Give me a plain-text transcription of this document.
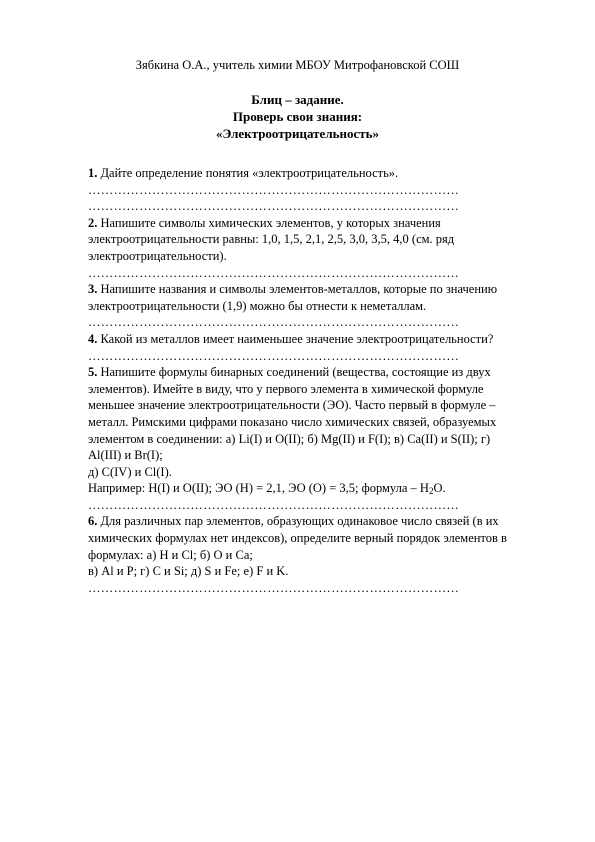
Зябкина О.А., учитель химии МБОУ Митрофановской СОШ
Блиц – задание.
Проверь свои знания:
«Электроотрицательность»

1. Дайте определение понятия «электроотрицательность».

……………………………………………………………………………
……………………………………………………………………………

2. Напишите символы химических элементов, у которых значения электроотрицательности равны: 1,0, 1,5, 2,1, 2,5, 3,0, 3,5, 4,0 (см. ряд электроотрицательности).

……………………………………………………………………………

3. Напишите названия и символы элементов-металлов, которые по значению электроотрицательности (1,9) можно бы отнести к неметаллам.

……………………………………………………………………………

4. Какой из металлов имеет наименьшее значение электроотрицательности?

……………………………………………………………………………

5. Напишите формулы бинарных соединений (вещества, состоящие из двух элементов). Имейте в виду, что у первого элемента в химической формуле меньшее значение электроотрицательности (ЭО). Часто первый в формуле – металл. Римскими цифрами показано число химических связей, образуемых элементом в соединении: а) Li(I) и O(II); б) Mg(II) и F(I); в) Ca(II) и S(II); г) Al(III) и Br(I);

д) C(IV) и Cl(I).

Например: H(I) и O(II); ЭО (H) = 2,1, ЭО (O) = 3,5; формула – $H_2O$.

……………………………………………………………………………

6. Для различных пар элементов, образующих одинаковое число связей (в их химических формулах нет индексов), определите верный порядок элементов в формулах: а) H и Cl; б) O и Ca;

в) Al и P; г) C и Si; д) S и Fe; е) F и K.

……………………………………………………………………………
